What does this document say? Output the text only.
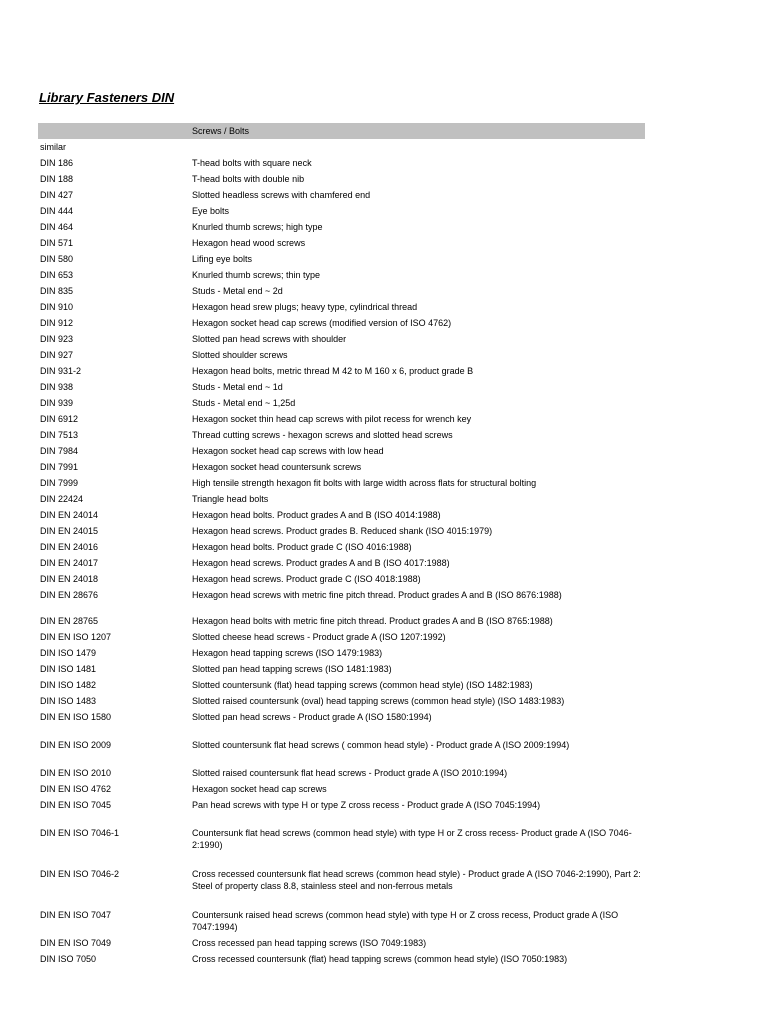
Library Fasteners DIN
Screws / Bolts
similar
DIN 186	T-head bolts with square neck
DIN 188	T-head bolts with double nib
DIN 427	Slotted headless screws with chamfered end
DIN 444	Eye bolts
DIN 464	Knurled thumb screws; high type
DIN 571	Hexagon head wood screws
DIN 580	Lifing eye bolts
DIN 653	Knurled thumb screws; thin type
DIN 835	Studs - Metal end ~ 2d
DIN 910	Hexagon head srew plugs; heavy type, cylindrical thread
DIN 912	Hexagon socket head cap screws (modified version of ISO 4762)
DIN 923	Slotted pan head screws with shoulder
DIN 927	Slotted shoulder screws
DIN 931-2	Hexagon head bolts, metric thread M 42 to M 160 x 6, product grade B
DIN 938	Studs - Metal end ~ 1d
DIN 939	Studs - Metal end ~ 1,25d
DIN 6912	Hexagon socket thin head cap screws with pilot recess for wrench key
DIN 7513	Thread cutting screws - hexagon screws and slotted head screws
DIN 7984	Hexagon socket head cap screws with low head
DIN 7991	Hexagon socket head countersunk screws
DIN 7999	High tensile strength hexagon fit bolts with large width across flats for structural bolting
DIN 22424	Triangle head bolts
DIN EN 24014	Hexagon head bolts. Product grades A and B (ISO 4014:1988)
DIN EN 24015	Hexagon head screws. Product grades B. Reduced shank (ISO 4015:1979)
DIN EN 24016	Hexagon head bolts. Product grade C (ISO 4016:1988)
DIN EN 24017	Hexagon head screws. Product grades A and B (ISO 4017:1988)
DIN EN 24018	Hexagon head screws. Product grade C (ISO 4018:1988)
DIN EN 28676	Hexagon head screws with metric fine pitch thread. Product grades A and B (ISO 8676:1988)
DIN EN 28765	Hexagon head bolts with metric fine pitch thread. Product grades A and B (ISO 8765:1988)
DIN EN ISO 1207	Slotted cheese head screws - Product grade A (ISO 1207:1992)
DIN ISO 1479	Hexagon head tapping screws (ISO 1479:1983)
DIN ISO 1481	Slotted pan head tapping screws (ISO 1481:1983)
DIN ISO 1482	Slotted countersunk (flat) head tapping screws (common head style) (ISO 1482:1983)
DIN ISO 1483	Slotted raised countersunk (oval) head tapping screws (common head style) (ISO 1483:1983)
DIN EN ISO 1580	Slotted pan head screws - Product grade A (ISO 1580:1994)
DIN EN ISO 2009	Slotted countersunk flat head screws ( common head style) - Product grade A (ISO 2009:1994)
DIN EN ISO 2010	Slotted raised countersunk flat head screws - Product grade A (ISO 2010:1994)
DIN EN ISO 4762	Hexagon socket head cap screws
DIN EN ISO 7045	Pan head screws with type H or type Z cross recess - Product grade A (ISO 7045:1994)
DIN EN ISO 7046-1	Countersunk flat head screws (common head style) with type H or Z cross recess- Product grade A (ISO 7046-2:1990)
DIN EN ISO 7046-2	Cross recessed countersunk flat head screws (common head style) - Product grade A (ISO 7046-2:1990), Part 2: Steel of property class 8.8, stainless steel and non-ferrous metals
DIN EN ISO 7047	Countersunk raised head screws (common head style) with type H or Z cross recess, Product grade A (ISO 7047:1994)
DIN EN ISO 7049	Cross recessed pan head tapping screws (ISO 7049:1983)
DIN ISO 7050	Cross recessed countersunk (flat) head tapping screws (common head style) (ISO 7050:1983)
